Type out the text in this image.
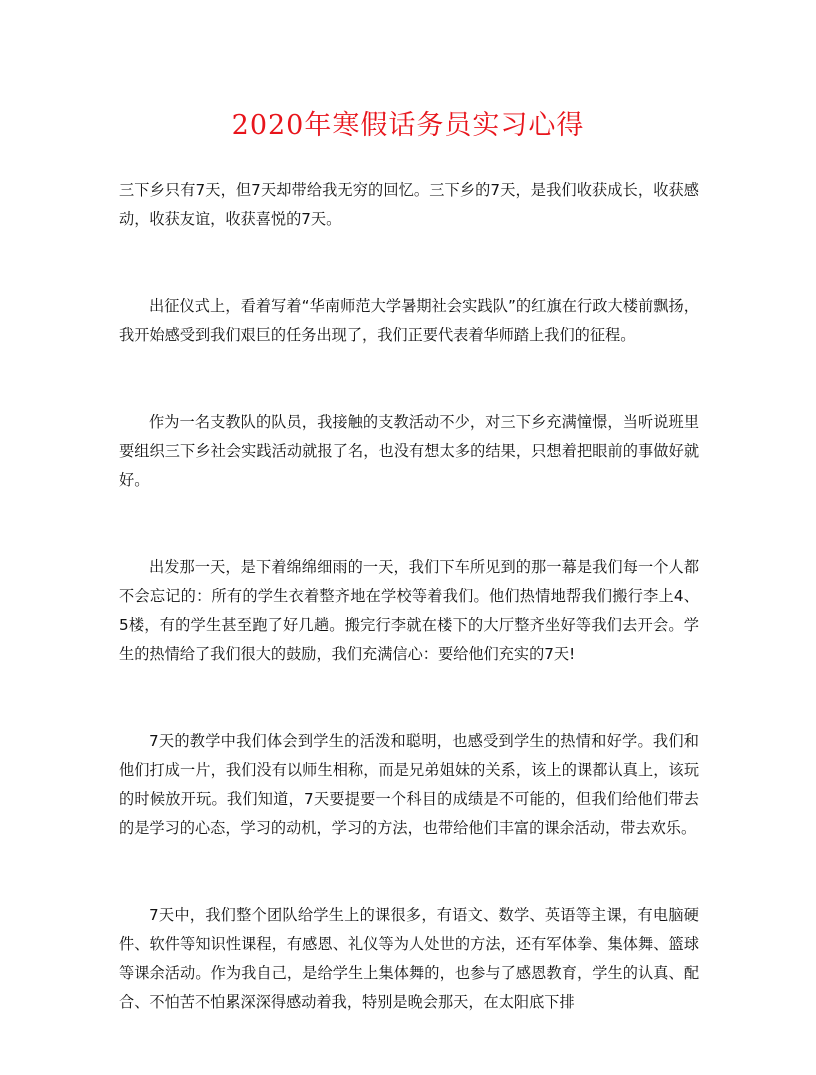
2020年寒假话务员实习心得

三下乡只有7天，但7天却带给我无穷的回忆。三下乡的7天，是我们收获成长，收获感动，收获友谊，收获喜悦的7天。

出征仪式上，看着写着“华南师范大学暑期社会实践队”的红旗在行政大楼前飘扬，我开始感受到我们艰巨的任务出现了，我们正要代表着华师踏上我们的征程。

作为一名支教队的队员，我接触的支教活动不少，对三下乡充满憧憬，当听说班里要组织三下乡社会实践活动就报了名，也没有想太多的结果，只想着把眼前的事做好就好。

出发那一天，是下着绵绵细雨的一天，我们下车所见到的那一幕是我们每一个人都不会忘记的：所有的学生衣着整齐地在学校等着我们。他们热情地帮我们搬行李上4、5楼，有的学生甚至跑了好几趟。搬完行李就在楼下的大厅整齐坐好等我们去开会。学生的热情给了我们很大的鼓励，我们充满信心：要给他们充实的7天!

7天的教学中我们体会到学生的活泼和聪明，也感受到学生的热情和好学。我们和他们打成一片，我们没有以师生相称，而是兄弟姐妹的关系，该上的课都认真上，该玩的时候放开玩。我们知道，7天要提要一个科目的成绩是不可能的，但我们给他们带去的是学习的心态，学习的动机，学习的方法，也带给他们丰富的课余活动，带去欢乐。

7天中，我们整个团队给学生上的课很多，有语文、数学、英语等主课，有电脑硬件、软件等知识性课程，有感恩、礼仪等为人处世的方法，还有军体拳、集体舞、篮球等课余活动。作为我自己，是给学生上集体舞的，也参与了感恩教育，学生的认真、配合、不怕苦不怕累深深得感动着我，特别是晚会那天，在太阳底下排
